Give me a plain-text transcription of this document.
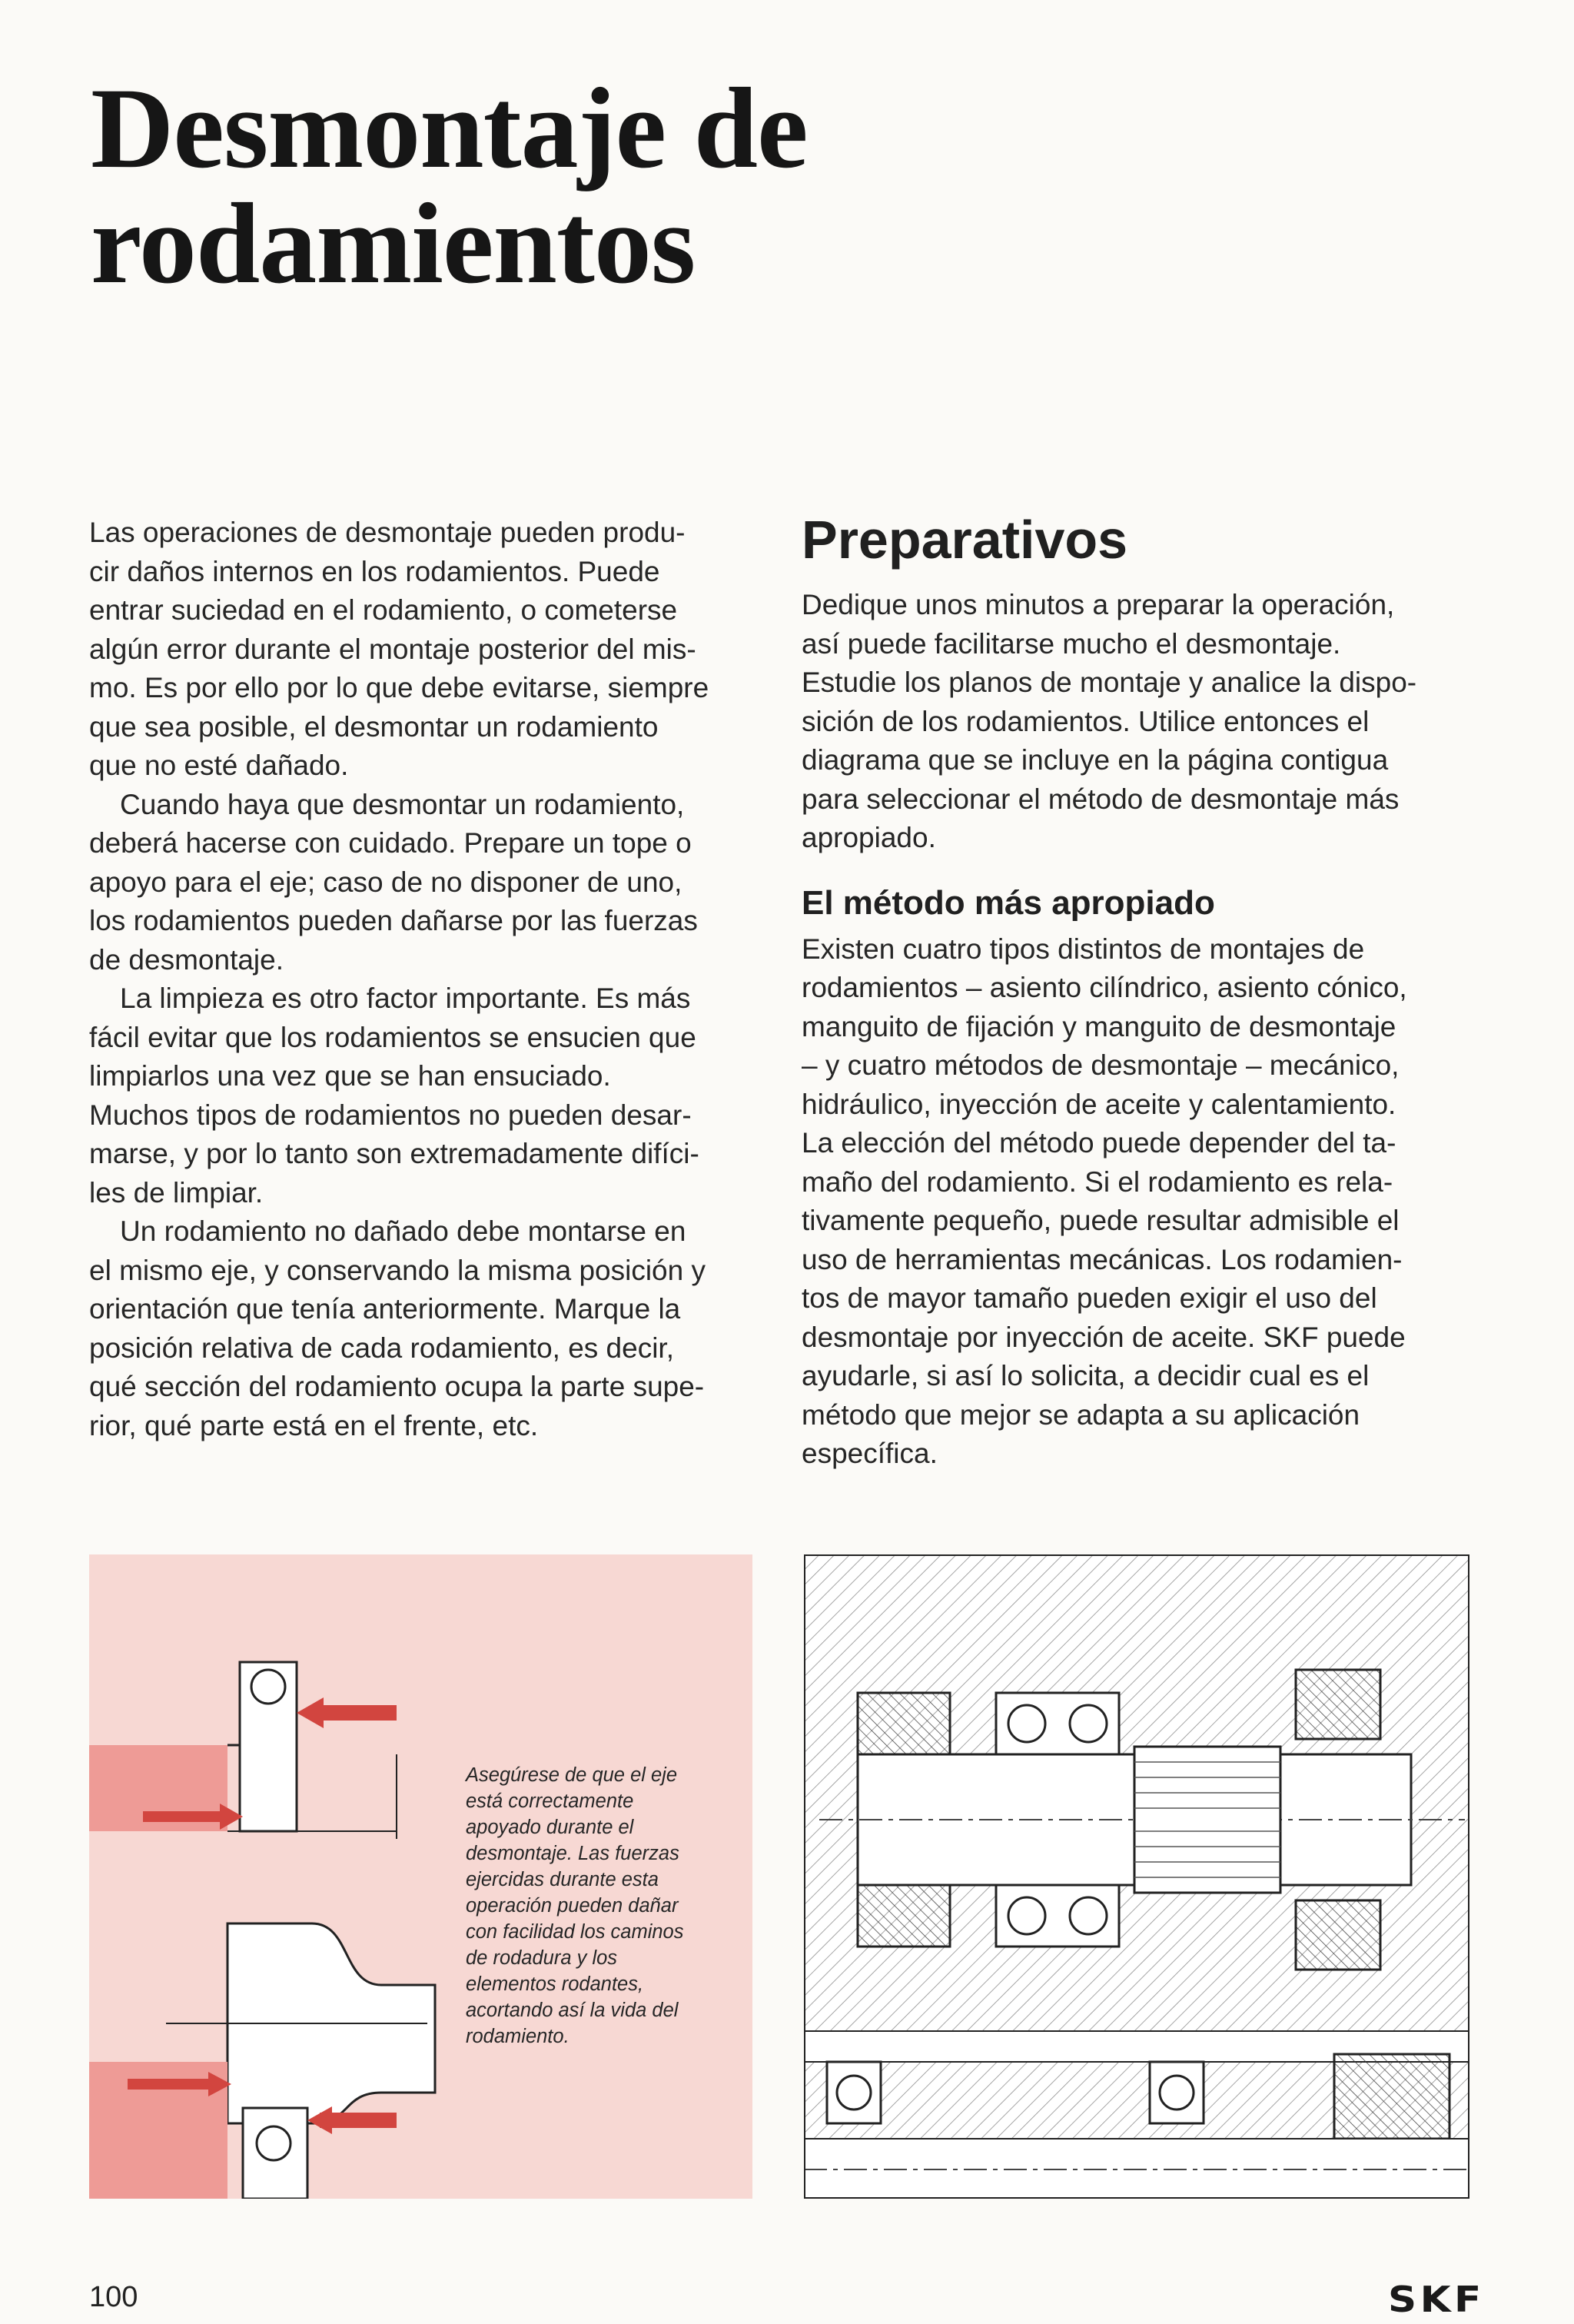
Desmontaje de
rodamientos

Las operaciones de desmontaje pueden produ-
cir daños internos en los rodamientos. Puede
entrar suciedad en el rodamiento, o cometerse
algún error durante el montaje posterior del mis-
mo. Es por ello por lo que debe evitarse, siempre
que sea posible, el desmontar un rodamiento
que no esté dañado.

Cuando haya que desmontar un rodamiento,
deberá hacerse con cuidado. Prepare un tope o
apoyo para el eje; caso de no disponer de uno,
los rodamientos pueden dañarse por las fuerzas
de desmontaje.

La limpieza es otro factor importante. Es más
fácil evitar que los rodamientos se ensucien que
limpiarlos una vez que se han ensuciado.
Muchos tipos de rodamientos no pueden desar-
marse, y por lo tanto son extremadamente difíci-
les de limpiar.

Un rodamiento no dañado debe montarse en
el mismo eje, y conservando la misma posición y
orientación que tenía anteriormente. Marque la
posición relativa de cada rodamiento, es decir,
qué sección del rodamiento ocupa la parte supe-
rior, qué parte está en el frente, etc.

Preparativos

Dedique unos minutos a preparar la operación,
así puede facilitarse mucho el desmontaje.
Estudie los planos de montaje y analice la dispo-
sición de los rodamientos. Utilice entonces el
diagrama que se incluye en la página contigua
para seleccionar el método de desmontaje más
apropiado.

El método más apropiado

Existen cuatro tipos distintos de montajes de
rodamientos – asiento cilíndrico, asiento cónico,
manguito de fijación y manguito de desmontaje
– y cuatro métodos de desmontaje – mecánico,
hidráulico, inyección de aceite y calentamiento.
La elección del método puede depender del ta-
maño del rodamiento. Si el rodamiento es rela-
tivamente pequeño, puede resultar admisible el
uso de herramientas mecánicas. Los rodamien-
tos de mayor tamaño pueden exigir el uso del
desmontaje por inyección de aceite. SKF puede
ayudarle, si así lo solicita, a decidir cual es el
método que mejor se adapta a su aplicación
específica.

Asegúrese de que el eje
está correctamente
apoyado durante el
desmontaje. Las fuerzas
ejercidas durante esta
operación pueden dañar
con facilidad los caminos
de rodadura y los
elementos rodantes,
acortando así la vida del
rodamiento.
100	SKF
